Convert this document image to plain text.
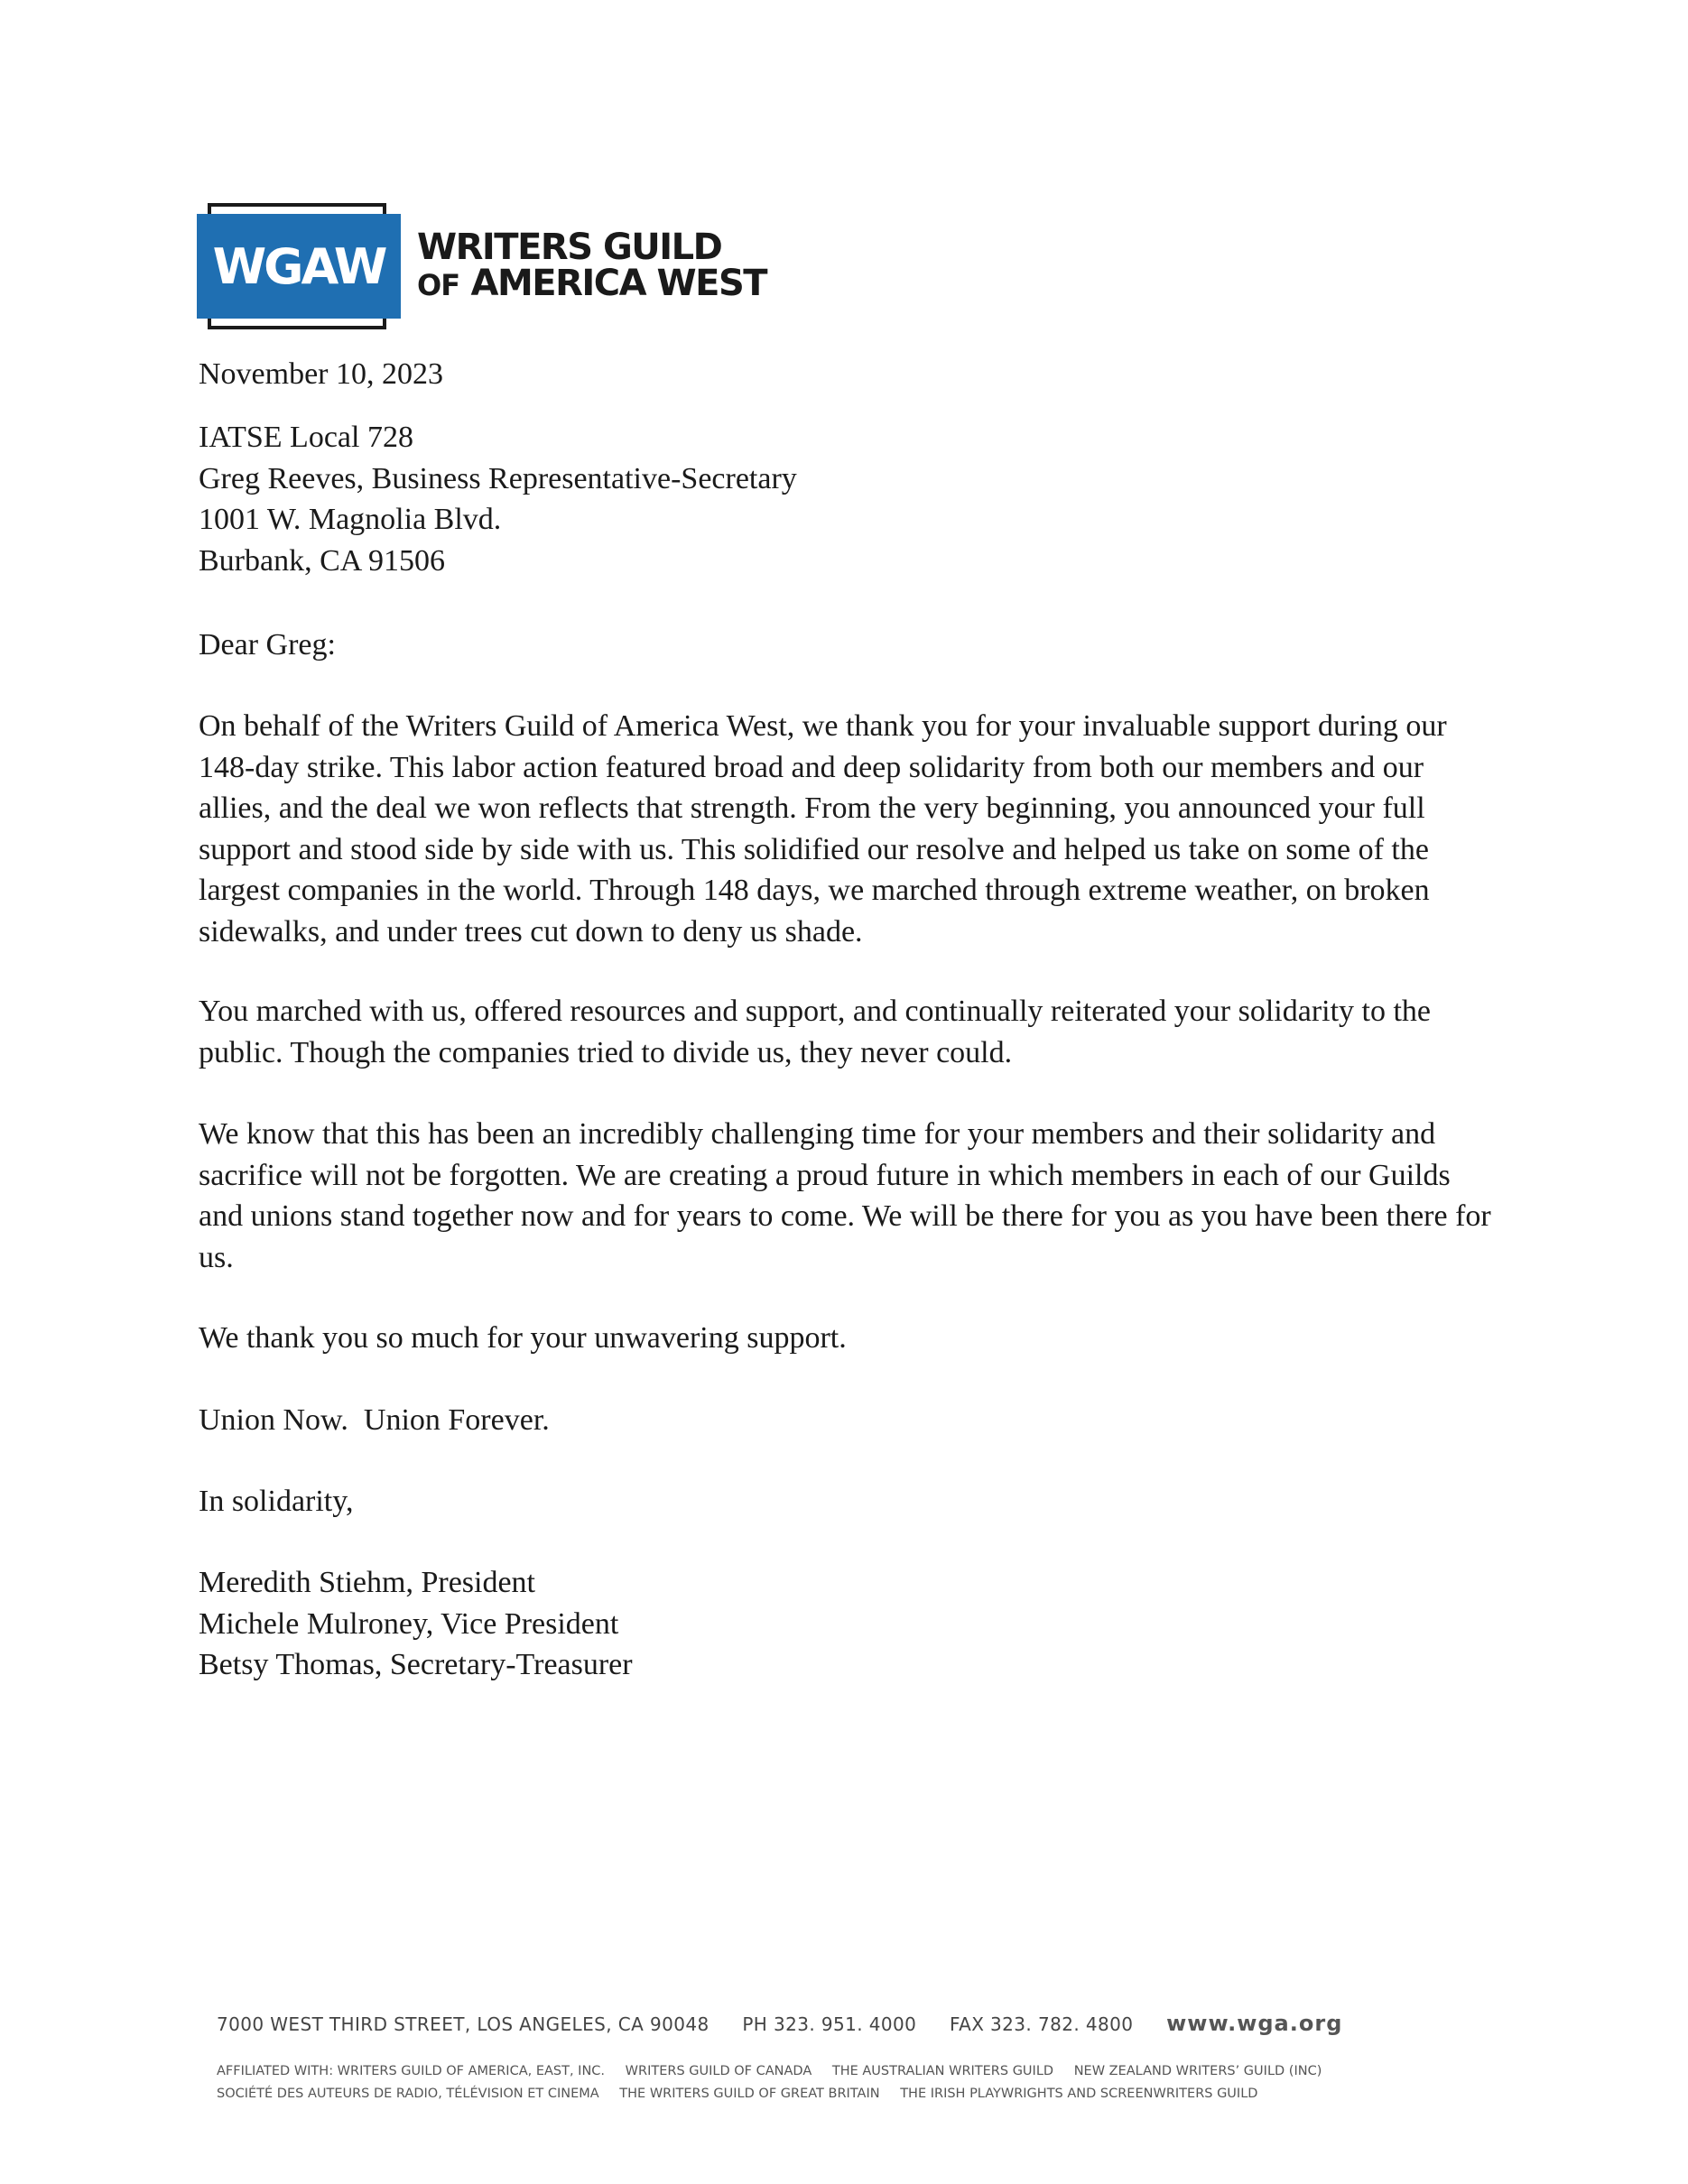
WGAW WRITERS GUILD
OF AMERICA WEST

November 10, 2023

IATSE Local 728
Greg Reeves, Business Representative-Secretary
1001 W. Magnolia Blvd.
Burbank, CA 91506

Dear Greg:

On behalf of the Writers Guild of America West, we thank you for your invaluable support during our 148-day strike. This labor action featured broad and deep solidarity from both our members and our allies, and the deal we won reflects that strength. From the very beginning, you announced your full support and stood side by side with us. This solidified our resolve and helped us take on some of the largest companies in the world. Through 148 days, we marched through extreme weather, on broken sidewalks, and under trees cut down to deny us shade.

You marched with us, offered resources and support, and continually reiterated your solidarity to the public. Though the companies tried to divide us, they never could.

We know that this has been an incredibly challenging time for your members and their solidarity and sacrifice will not be forgotten. We are creating a proud future in which members in each of our Guilds and unions stand together now and for years to come. We will be there for you as you have been there for us.

We thank you so much for your unwavering support.

Union Now.  Union Forever.

In solidarity,

Meredith Stiehm, President
Michele Mulroney, Vice President
Betsy Thomas, Secretary-Treasurer
7000 WEST THIRD STREET, LOS ANGELES, CA 90048 PH 323. 951. 4000 FAX 323. 782. 4800 www.wga.org
AFFILIATED WITH: WRITERS GUILD OF AMERICA, EAST, INC. WRITERS GUILD OF CANADA THE AUSTRALIAN WRITERS GUILD NEW ZEALAND WRITERS’ GUILD (INC)
SOCIÉTÉ DES AUTEURS DE RADIO, TÉLÉVISION ET CINEMA THE WRITERS GUILD OF GREAT BRITAIN THE IRISH PLAYWRIGHTS AND SCREENWRITERS GUILD
